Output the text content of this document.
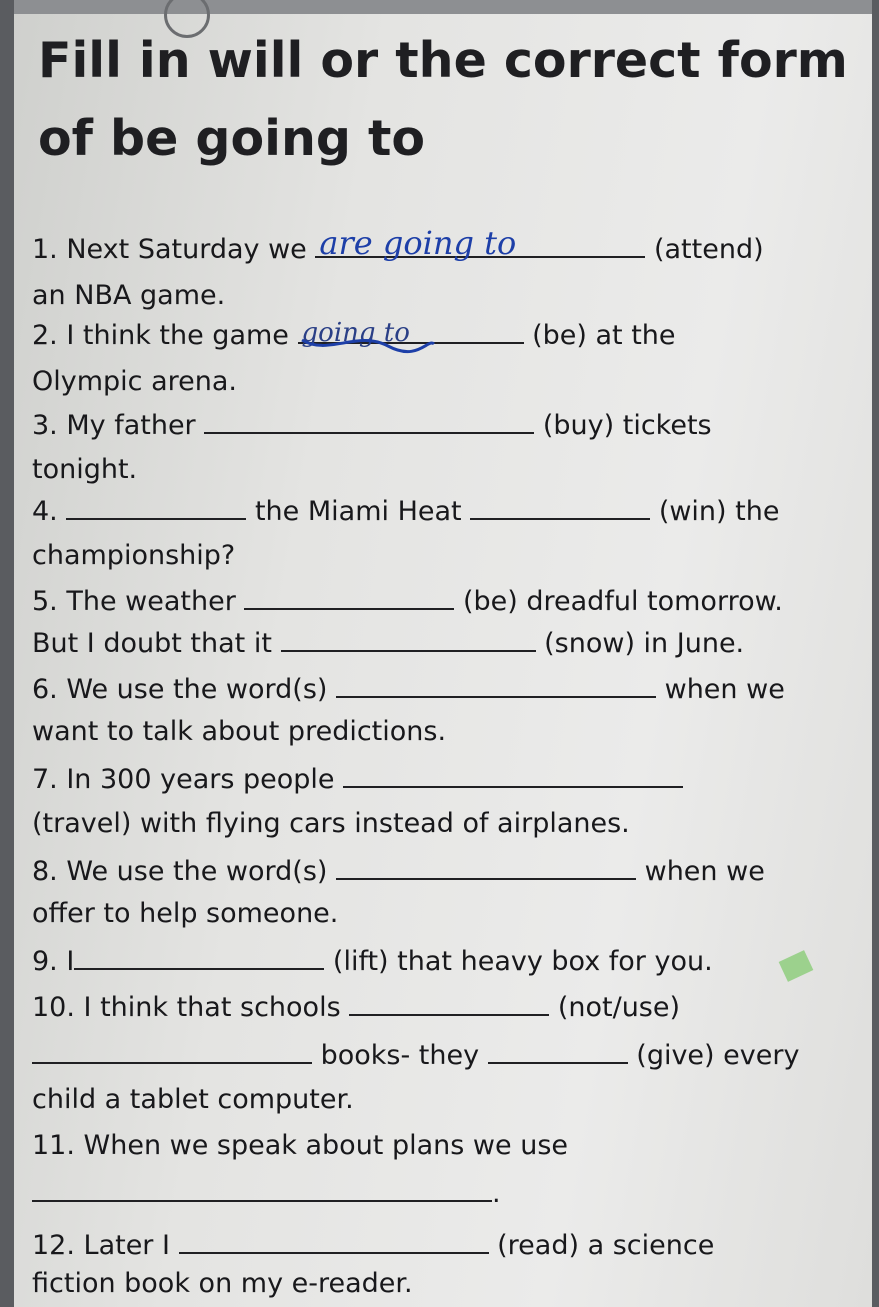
Fill in will or the correct form
of be going to
1. Next Saturday we are going to	(attend)
an NBA game.
2. I think the game going to	(be) at the
Olympic arena.
3. My father	(buy) tickets
tonight.
4.	the Miami Heat	(win) the
championship?
5. The weather	(be) dreadful tomorrow.
But I doubt that it	(snow) in June.
6. We use the word(s)	when we
want to talk about predictions.
7. In 300 years people
(travel) with flying cars instead of airplanes.
8. We use the word(s)	when we
offer to help someone.
9. I	(lift) that heavy box for you.
10. I think that schools	(not/use)
books- they	(give) every
child a tablet computer.
11. When we speak about plans we use
.
12. Later I	(read) a science
fiction book on my e-reader.
